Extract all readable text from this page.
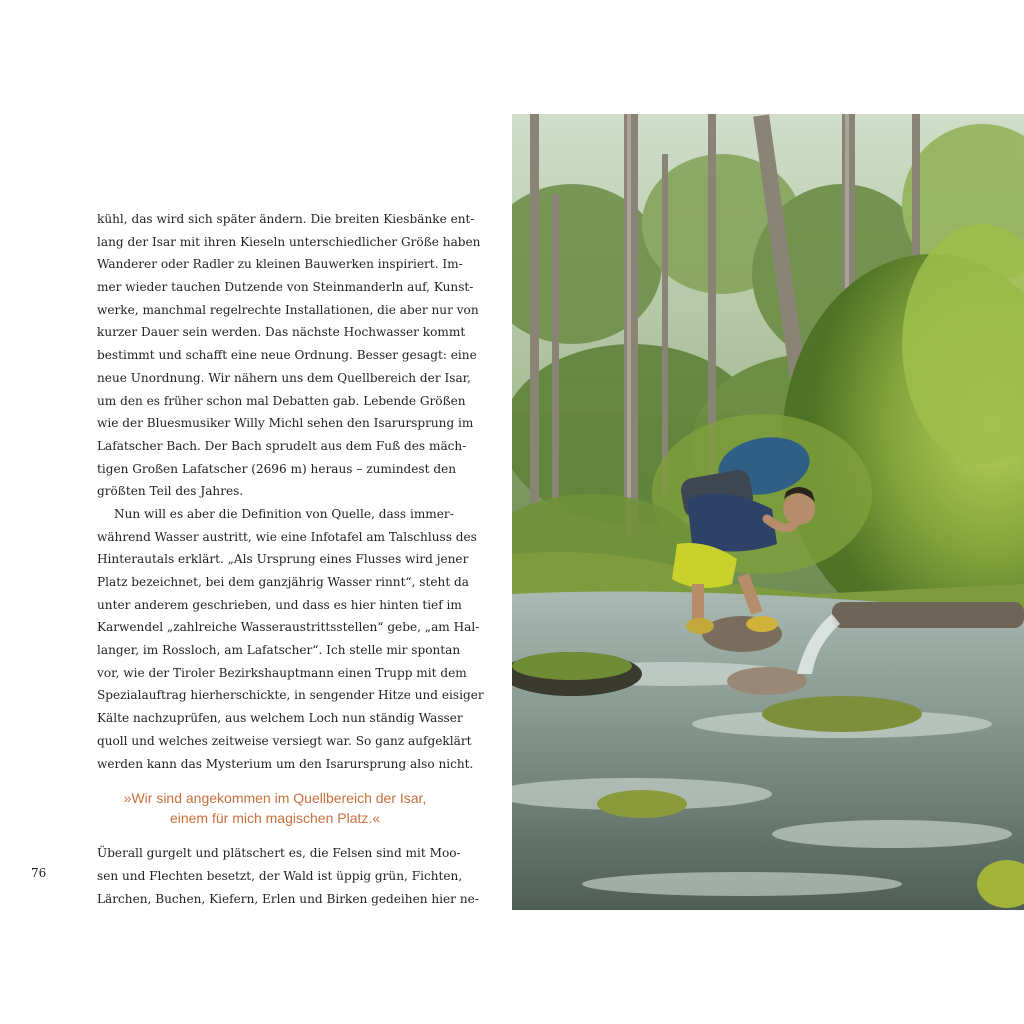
kühl, das wird sich später ändern. Die breiten Kiesbänke ent-
lang der Isar mit ihren Kieseln unterschiedlicher Größe haben
Wanderer oder Radler zu kleinen Bauwerken inspiriert. Im-
mer wieder tauchen Dutzende von Steinmanderln auf, Kunst-
werke, manchmal regelrechte Installationen, die aber nur von
kurzer Dauer sein werden. Das nächste Hochwasser kommt
bestimmt und schafft eine neue Ordnung. Besser gesagt: eine
neue Unordnung. Wir nähern uns dem Quellbereich der Isar,
um den es früher schon mal Debatten gab. Lebende Größen
wie der Bluesmusiker Willy Michl sehen den Isarursprung im
Lafatscher Bach. Der Bach sprudelt aus dem Fuß des mäch-
tigen Großen Lafatscher (2696 m) heraus – zumindest den
größten Teil des Jahres.

Nun will es aber die Definition von Quelle, dass immer-
während Wasser austritt, wie eine Infotafel am Talschluss des
Hinterautals erklärt. „Als Ursprung eines Flusses wird jener
Platz bezeichnet, bei dem ganzjährig Wasser rinnt“, steht da
unter anderem geschrieben, und dass es hier hinten tief im
Karwendel „zahlreiche Wasseraustrittsstellen“ gebe, „am Hal-
langer, im Rossloch, am Lafatscher“. Ich stelle mir spontan
vor, wie der Tiroler Bezirkshauptmann einen Trupp mit dem
Spezialauftrag hierherschickte, in sengender Hitze und eisiger
Kälte nachzuprüfen, aus welchem Loch nun ständig Wasser
quoll und welches zeitweise versiegt war. So ganz aufgeklärt
werden kann das Mysterium um den Isarursprung also nicht.

»Wir sind angekommen im Quellbereich der Isar,
einem für mich magischen Platz.«

Überall gurgelt und plätschert es, die Felsen sind mit Moo-
sen und Flechten besetzt, der Wald ist üppig grün, Fichten,
Lärchen, Buchen, Kiefern, Erlen und Birken gedeihen hier ne-

76
